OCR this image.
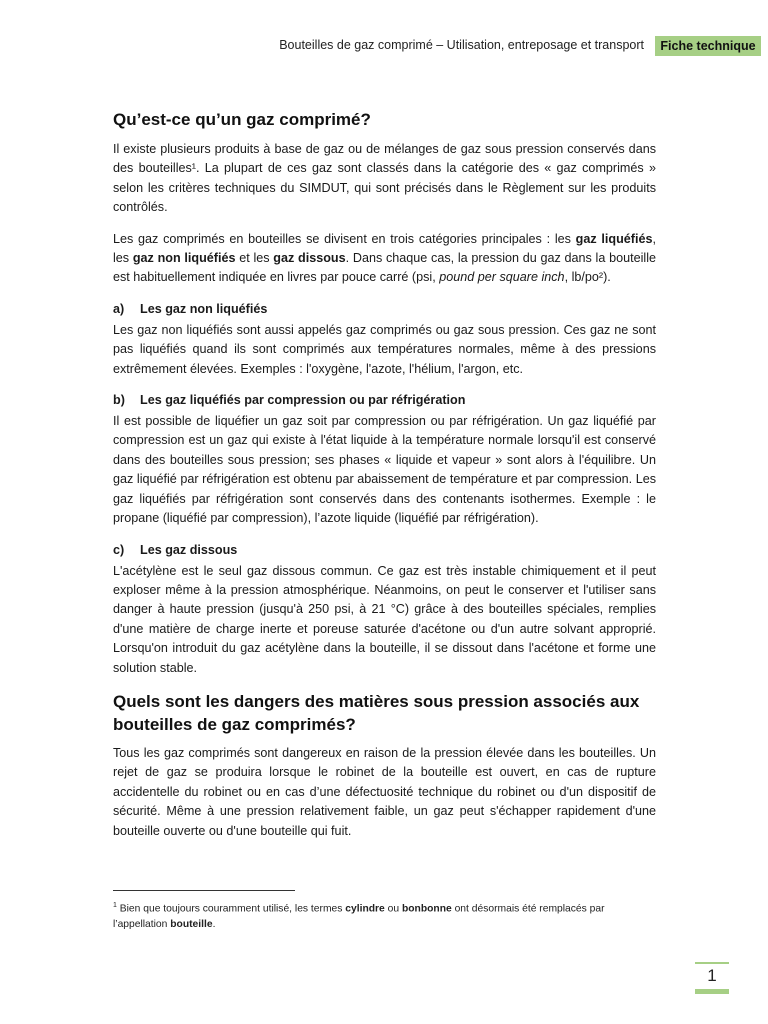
Bouteilles de gaz comprimé – Utilisation, entreposage et transport	Fiche technique
Qu’est-ce qu’un gaz comprimé?

Il existe plusieurs produits à base de gaz ou de mélanges de gaz sous pression conservés dans des bouteilles¹. La plupart de ces gaz sont classés dans la catégorie des « gaz comprimés » selon les critères techniques du SIMDUT, qui sont précisés dans le Règlement sur les produits contrôlés.

Les gaz comprimés en bouteilles se divisent en trois catégories principales : les gaz liquéfiés, les gaz non liquéfiés et les gaz dissous. Dans chaque cas, la pression du gaz dans la bouteille est habituellement indiquée en livres par pouce carré (psi, pound per square inch, lb/po²).

a) Les gaz non liquéfiés

Les gaz non liquéfiés sont aussi appelés gaz comprimés ou gaz sous pression. Ces gaz ne sont pas liquéfiés quand ils sont comprimés aux températures normales, même à des pressions extrêmement élevées. Exemples : l'oxygène, l'azote, l'hélium, l'argon, etc.

b) Les gaz liquéfiés par compression ou par réfrigération

Il est possible de liquéfier un gaz soit par compression ou par réfrigération. Un gaz liquéfié par compression est un gaz qui existe à l'état liquide à la température normale lorsqu'il est conservé dans des bouteilles sous pression; ses phases « liquide et vapeur » sont alors à l'équilibre. Un gaz liquéfié par réfrigération est obtenu par abaissement de température et par compression. Les gaz liquéfiés par réfrigération sont conservés dans des contenants isothermes. Exemple : le propane (liquéfié par compression), l’azote liquide (liquéfié par réfrigération).

c) Les gaz dissous

L'acétylène est le seul gaz dissous commun. Ce gaz est très instable chimiquement et il peut exploser même à la pression atmosphérique. Néanmoins, on peut le conserver et l'utiliser sans danger à haute pression (jusqu'à 250 psi, à 21 °C) grâce à des bouteilles spéciales, remplies d'une matière de charge inerte et poreuse saturée d'acétone ou d'un autre solvant approprié. Lorsqu'on introduit du gaz acétylène dans la bouteille, il se dissout dans l'acétone et forme une solution stable.

Quels sont les dangers des matières sous pression associés aux bouteilles de gaz comprimés?

Tous les gaz comprimés sont dangereux en raison de la pression élevée dans les bouteilles. Un rejet de gaz se produira lorsque le robinet de la bouteille est ouvert, en cas de rupture accidentelle du robinet ou en cas d’une défectuosité technique du robinet ou d'un dispositif de sécurité. Même à une pression relativement faible, un gaz peut s'échapper rapidement d'une bouteille ouverte ou d'une bouteille qui fuit.

$^1$ Bien que toujours couramment utilisé, les termes cylindre ou bonbonne ont désormais été remplacés par l’appellation bouteille.
1
